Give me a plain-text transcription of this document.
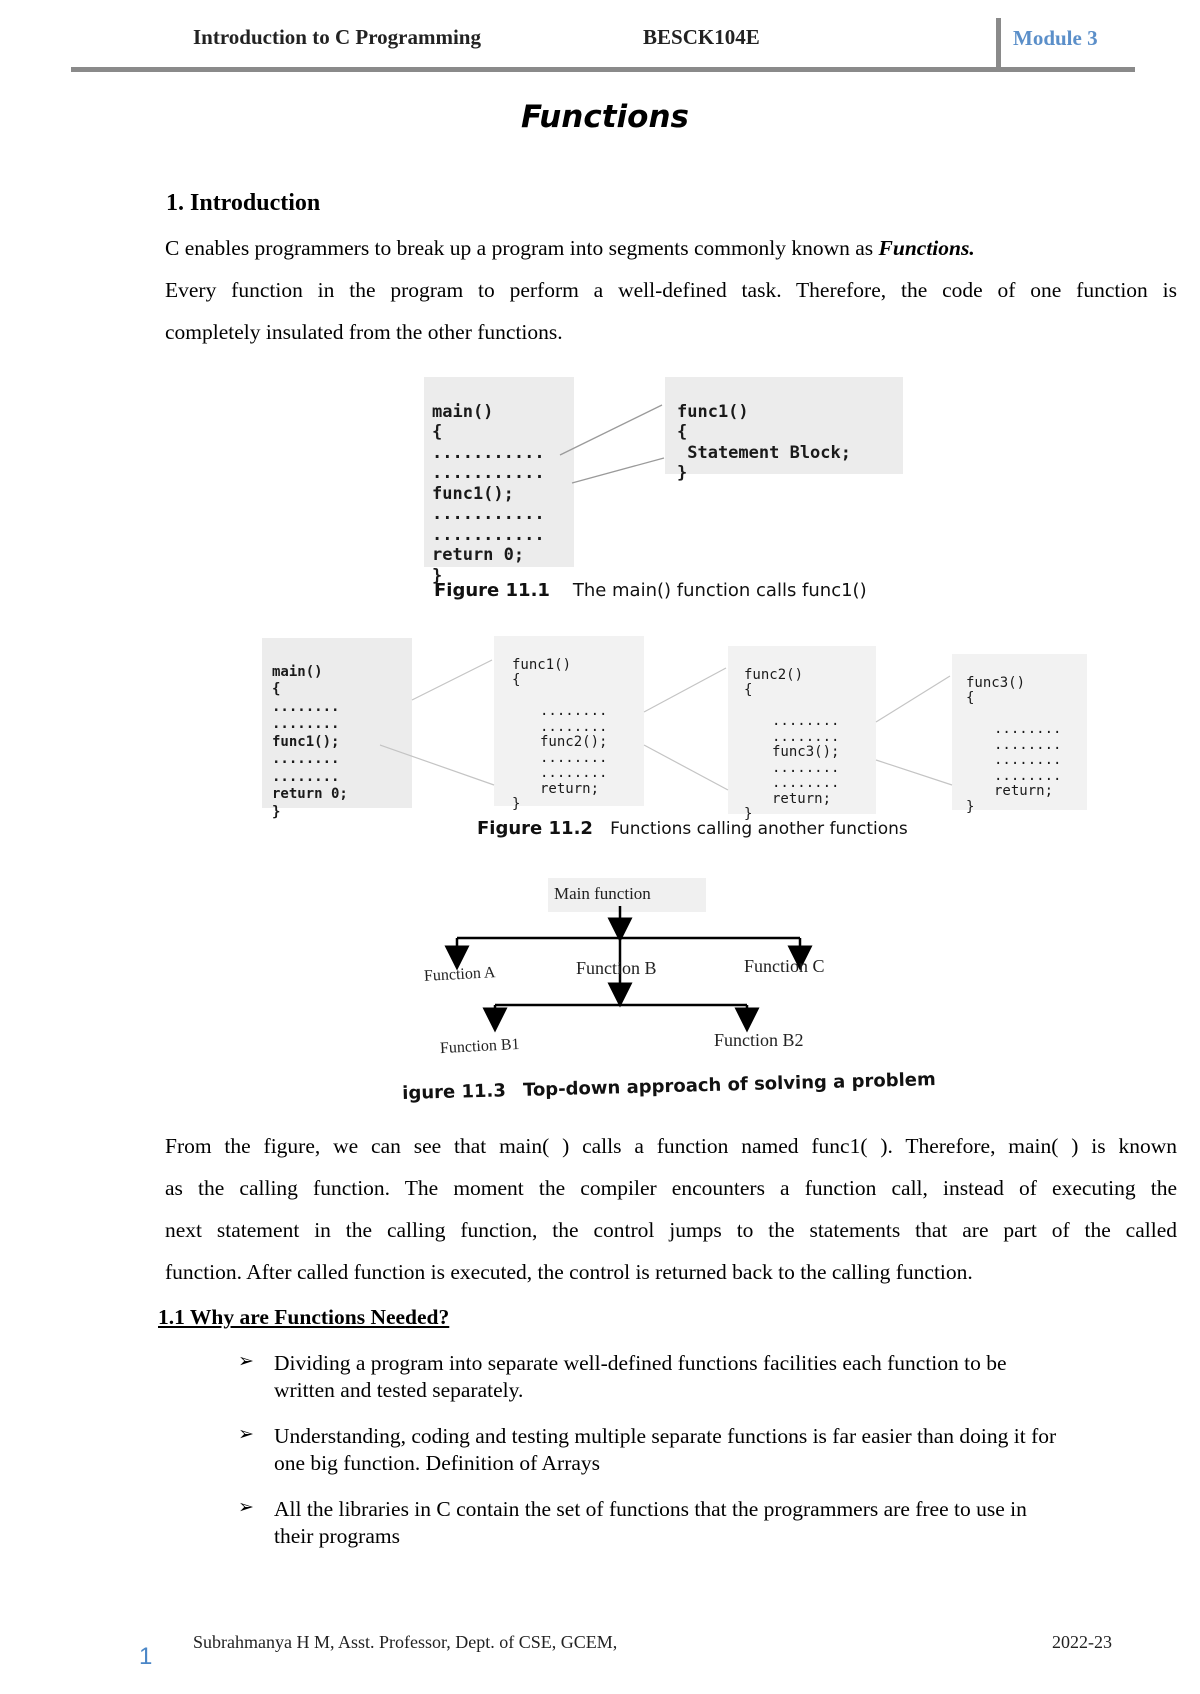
Introduction to C Programming	BESCK104E	Module 3
Functions
1. Introduction
C enables programmers to break up a program into segments commonly known as Functions.
Every function in the program to perform a well-defined task. Therefore, the code of one function is
completely insulated from the other functions.

main()
{
...........
...........
func1();
...........
...........
return 0;
}

func1()
{
Statement Block;
}

Figure 11.1 The main() function calls func1()

main()
{
........
........
func1();
........
........
return 0;
}

func1()
{

........
........
func2();
........
........
return;
}

func2()
{

........
........
func3();
........
........
return;
}

func3()
{

........
........
........
........
return;
}

Figure 11.2 Functions calling another functions
Main function
Function A	Function B	Function C
Function B1	Function B2
igure 11.3 Top-down approach of solving a problem
From the figure, we can see that main( ) calls a function named func1( ). Therefore, main( ) is known
as the calling function. The moment the compiler encounters a function call, instead of executing the
next statement in the calling function, the control jumps to the statements that are part of the called
function. After called function is executed, the control is returned back to the calling function.
1.1 Why are Functions Needed?
➢ Dividing a program into separate well-defined functions facilities each function to be
written and tested separately.
➢ Understanding, coding and testing multiple separate functions is far easier than doing it for
one big function. Definition of Arrays
➢ All the libraries in C contain the set of functions that the programmers are free to use in
their programs
1
Subrahmanya H M, Asst. Professor, Dept. of CSE, GCEM,	2022-23
